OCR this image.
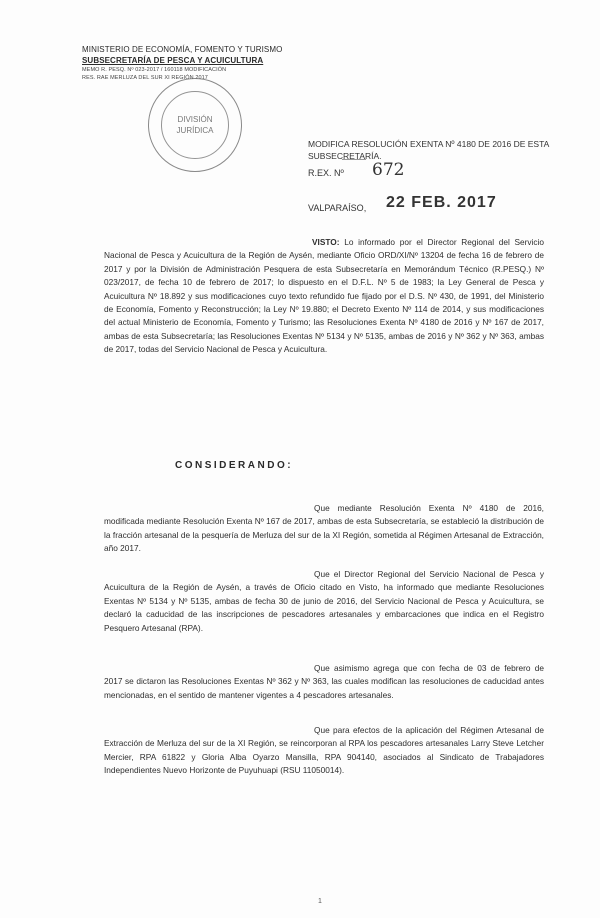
MINISTERIO DE ECONOMÍA, FOMENTO Y TURISMO
SUBSECRETARÍA DE PESCA Y ACUICULTURA
MEMO R. PESQ. Nº 023-2017 / 160118 MODIFICACIÓN
RES. RAE MERLUZA DEL SUR XI REGIÓN 2017
DIVISIÓN
JURÍDICA
MODIFICA RESOLUCIÓN EXENTA Nº 4180 DE 2016 DE ESTA SUBSECRETARÍA.
R.EX. Nº 672
VALPARAÍSO, 22 FEB. 2017
VISTO: Lo informado por el Director Regional del Servicio Nacional de Pesca y Acuicultura de la Región de Aysén, mediante Oficio ORD/XI/Nº 13204 de fecha 16 de febrero de 2017 y por la División de Administración Pesquera de esta Subsecretaría en Memorándum Técnico (R.PESQ.) Nº 023/2017, de fecha 10 de febrero de 2017; lo dispuesto en el D.F.L. Nº 5 de 1983; la Ley General de Pesca y Acuicultura Nº 18.892 y sus modificaciones cuyo texto refundido fue fijado por el D.S. Nº 430, de 1991, del Ministerio de Economía, Fomento y Reconstrucción; la Ley Nº 19.880; el Decreto Exento Nº 114 de 2014, y sus modificaciones del actual Ministerio de Economía, Fomento y Turismo; las Resoluciones Exenta Nº 4180 de 2016 y Nº 167 de 2017, ambas de esta Subsecretaría; las Resoluciones Exentas Nº 5134 y Nº 5135, ambas de 2016 y Nº 362 y Nº 363, ambas de 2017, todas del Servicio Nacional de Pesca y Acuicultura.
CONSIDERANDO:
Que mediante Resolución Exenta Nº 4180 de 2016, modificada mediante Resolución Exenta Nº 167 de 2017, ambas de esta Subsecretaría, se estableció la distribución de la fracción artesanal de la pesquería de Merluza del sur de la XI Región, sometida al Régimen Artesanal de Extracción, año 2017.
Que el Director Regional del Servicio Nacional de Pesca y Acuicultura de la Región de Aysén, a través de Oficio citado en Visto, ha informado que mediante Resoluciones Exentas Nº 5134 y Nº 5135, ambas de fecha 30 de junio de 2016, del Servicio Nacional de Pesca y Acuicultura, se declaró la caducidad de las inscripciones de pescadores artesanales y embarcaciones que indica en el Registro Pesquero Artesanal (RPA).
Que asimismo agrega que con fecha de 03 de febrero de 2017 se dictaron las Resoluciones Exentas Nº 362 y Nº 363, las cuales modifican las resoluciones de caducidad antes mencionadas, en el sentido de mantener vigentes a 4 pescadores artesanales.
Que para efectos de la aplicación del Régimen Artesanal de Extracción de Merluza del sur de la XI Región, se reincorporan al RPA los pescadores artesanales Larry Steve Letcher Mercier, RPA 61822 y Gloria Alba Oyarzo Mansilla, RPA 904140, asociados al Sindicato de Trabajadores Independientes Nuevo Horizonte de Puyuhuapi (RSU 11050014).
1
